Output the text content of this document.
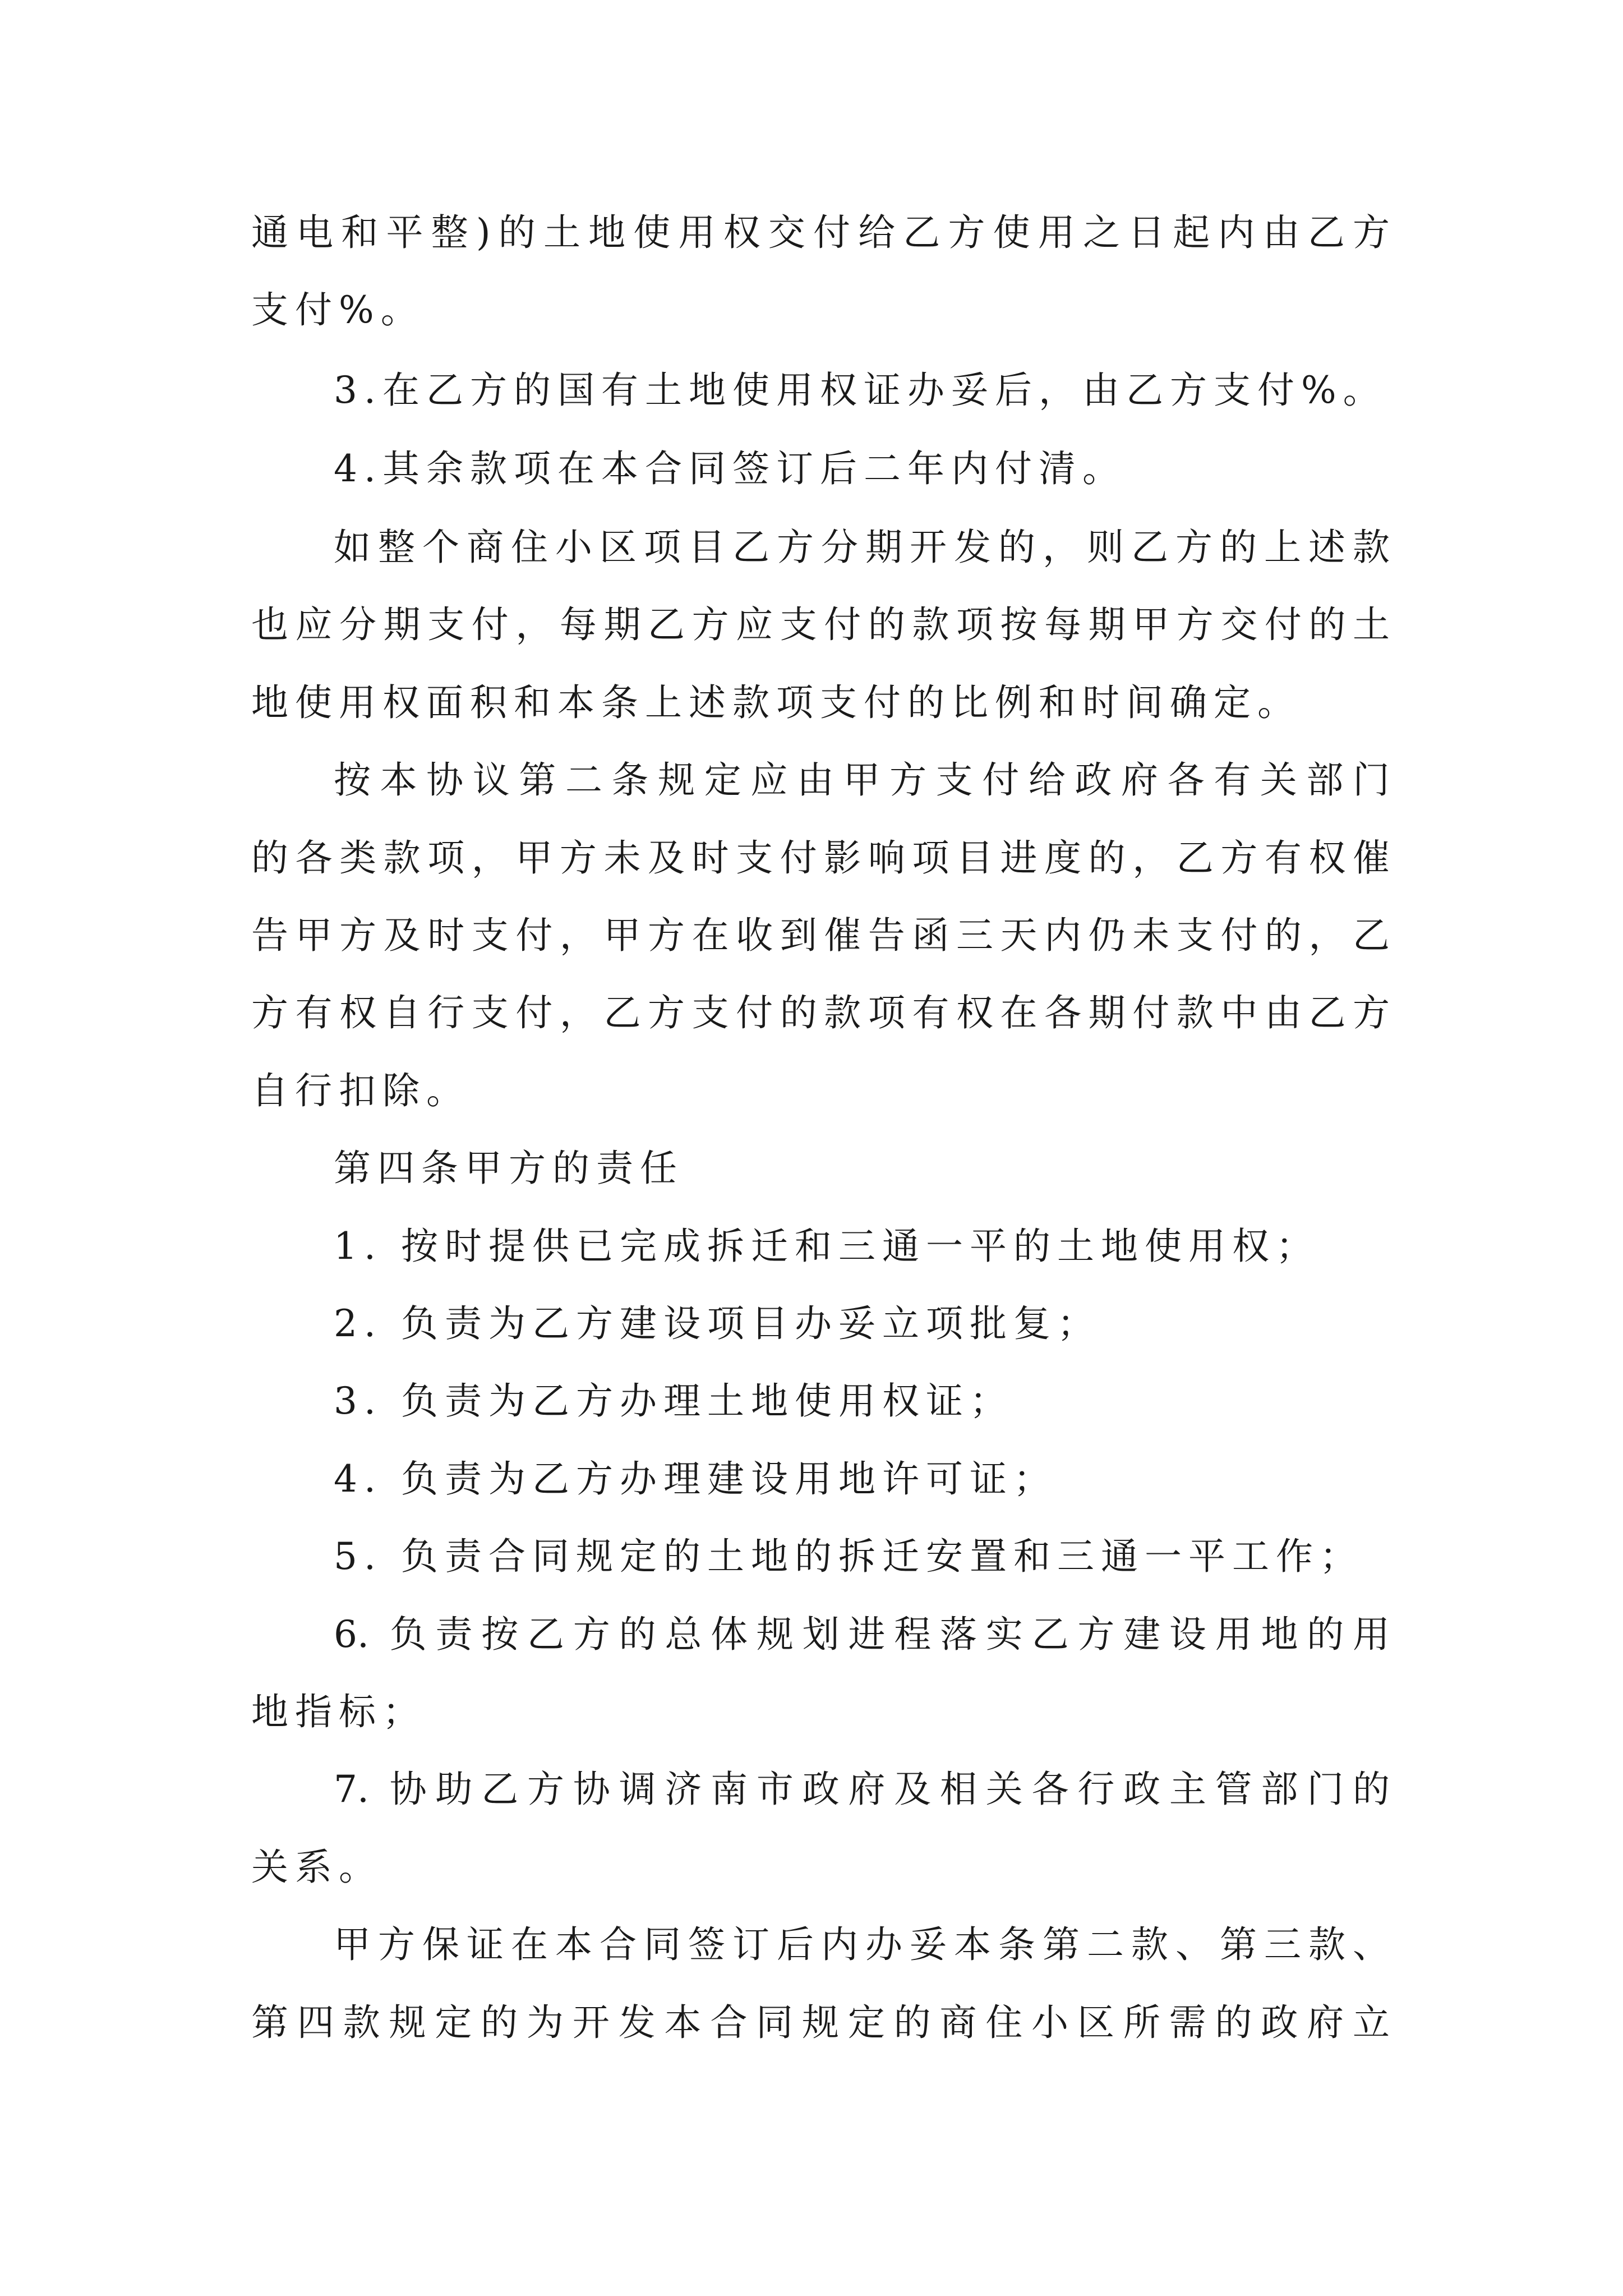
通电和平整)的土地使用权交付给乙方使用之日起内由乙方
支付%。
3.在乙方的国有土地使用权证办妥后，由乙方支付%。
4.其余款项在本合同签订后二年内付清。
如整个商住小区项目乙方分期开发的，则乙方的上述款
也应分期支付，每期乙方应支付的款项按每期甲方交付的土
地使用权面积和本条上述款项支付的比例和时间确定。
按本协议第二条规定应由甲方支付给政府各有关部门
的各类款项，甲方未及时支付影响项目进度的，乙方有权催
告甲方及时支付，甲方在收到催告函三天内仍未支付的，乙
方有权自行支付，乙方支付的款项有权在各期付款中由乙方
自行扣除。
第四条甲方的责任
1. 按时提供已完成拆迁和三通一平的土地使用权；
2. 负责为乙方建设项目办妥立项批复；
3. 负责为乙方办理土地使用权证；
4. 负责为乙方办理建设用地许可证；
5. 负责合同规定的土地的拆迁安置和三通一平工作；
6. 负责按乙方的总体规划进程落实乙方建设用地的用
地指标；
7. 协助乙方协调济南市政府及相关各行政主管部门的
关系。
甲方保证在本合同签订后内办妥本条第二款、第三款、
第四款规定的为开发本合同规定的商住小区所需的政府立
